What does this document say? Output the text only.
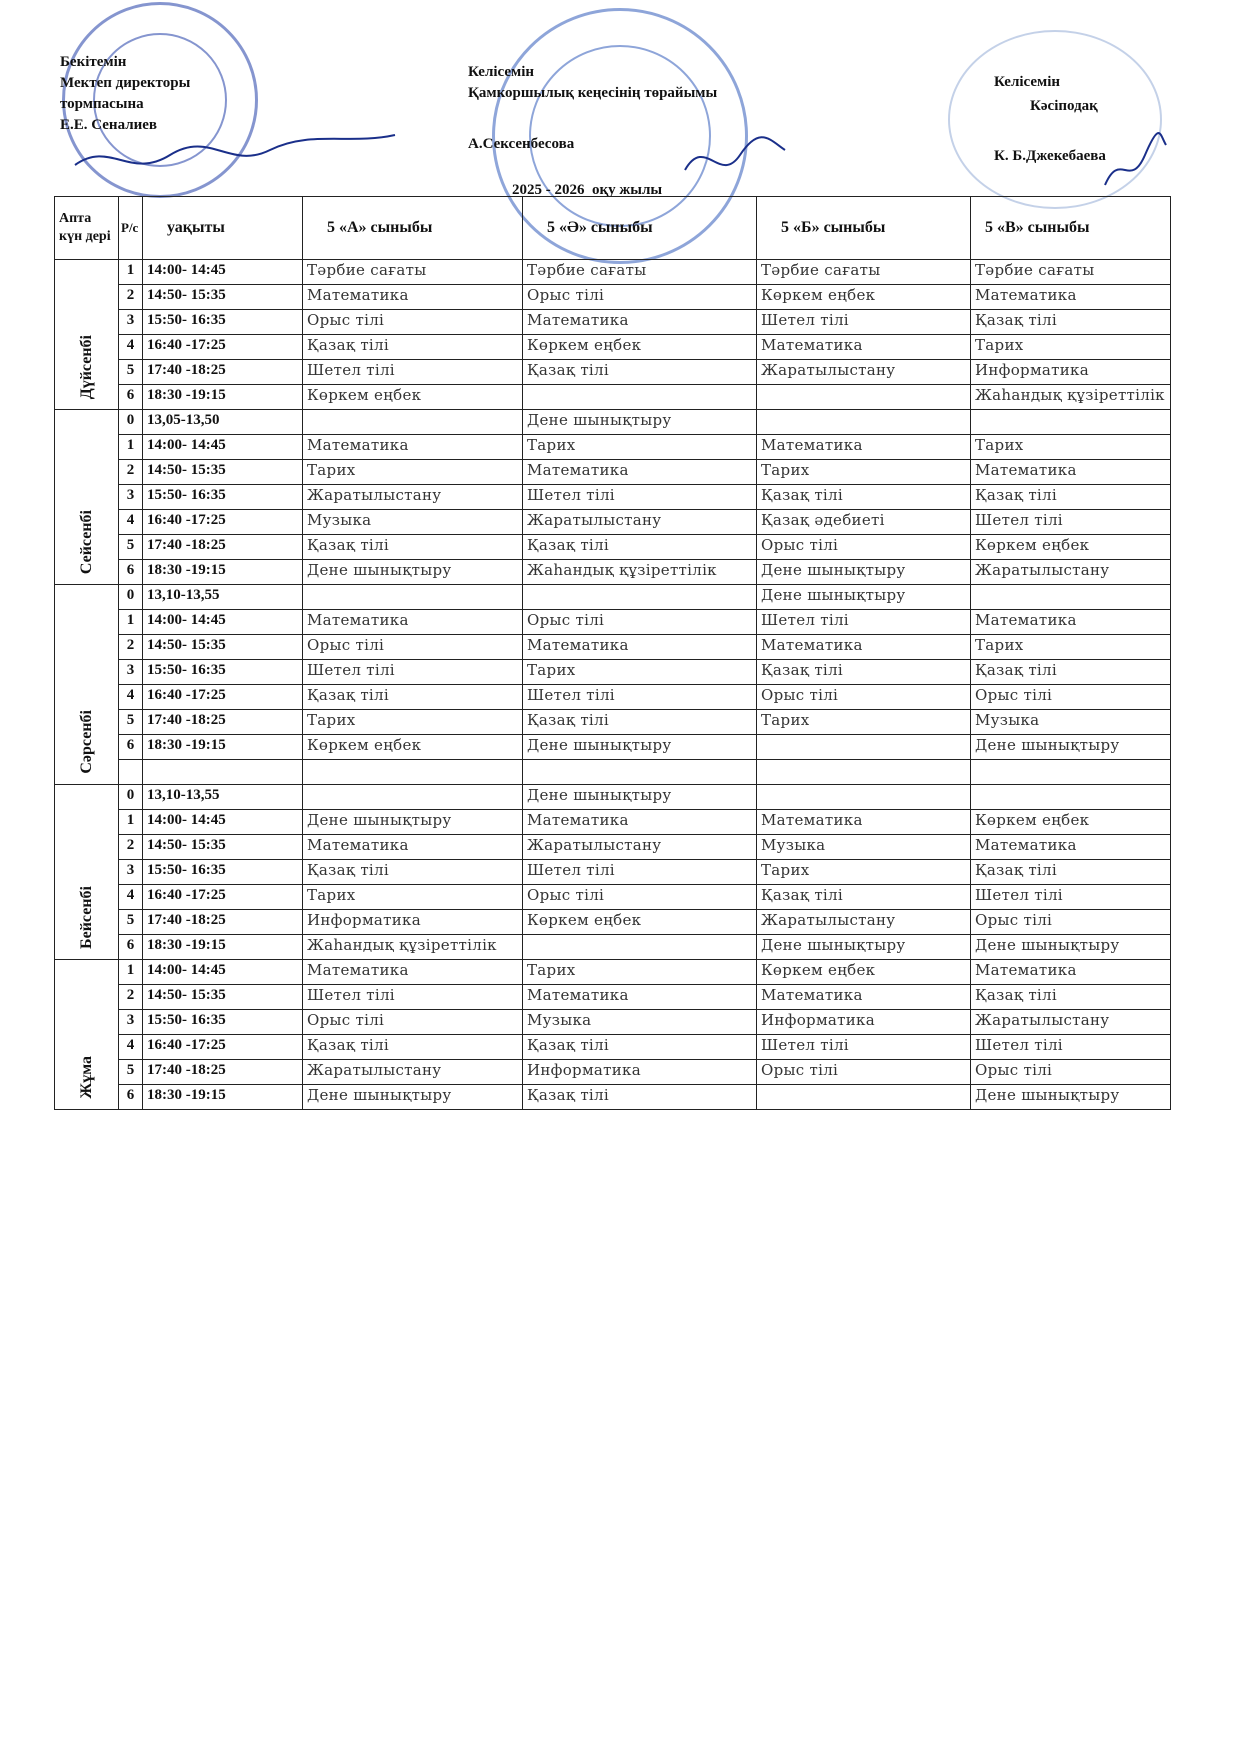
Бекітемін
Мектеп директоры
тормпасына
Е.Е. Сеналиев
Келісемін
Қамкоршылық кеңесінің төрайымы
А.Сексенбесова
2025 - 2026  оқу жылы
Келісемін
Кәсіподақ
К. Б.Джекебаева
Апта күн дері	Р/с	уақыты	5 «А» сыныбы	5 «Ә» сыныбы	5 «Б» сыныбы	5 «В» сыныбы
Дүйсенбі	1	14:00- 14:45	Тәрбие сағаты	Тәрбие сағаты	Тәрбие сағаты	Тәрбие сағаты
	2	14:50- 15:35	Математика	Орыс тілі	Көркем еңбек	Математика
	3	15:50- 16:35	Орыс тілі	Математика	Шетел тілі	Қазақ тілі
	4	16:40 -17:25	Қазақ тілі	Көркем еңбек	Математика	Тарих
	5	17:40 -18:25	Шетел тілі	Қазақ тілі	Жаратылыстану	Информатика
	6	18:30 -19:15	Көркем еңбек			Жаһандық құзіреттілік
Сейсенбі	0	13,05-13,50		Дене шынықтыру		
	1	14:00- 14:45	Математика	Тарих	Математика	Тарих
	2	14:50- 15:35	Тарих	Математика	Тарих	Математика
	3	15:50- 16:35	Жаратылыстану	Шетел тілі	Қазақ тілі	Қазақ тілі
	4	16:40 -17:25	Музыка	Жаратылыстану	Қазақ әдебиеті	Шетел тілі
	5	17:40 -18:25	Қазақ тілі	Қазақ тілі	Орыс тілі	Көркем еңбек
	6	18:30 -19:15	Дене шынықтыру	Жаһандық құзіреттілік	Дене шынықтыру	Жаратылыстану
Сәрсенбі	0	13,10-13,55			Дене шынықтыру	
	1	14:00- 14:45	Математика	Орыс тілі	Шетел тілі	Математика
	2	14:50- 15:35	Орыс тілі	Математика	Математика	Тарих
	3	15:50- 16:35	Шетел тілі	Тарих	Қазақ тілі	Қазақ тілі
	4	16:40 -17:25	Қазақ тілі	Шетел тілі	Орыс тілі	Орыс тілі
	5	17:40 -18:25	Тарих	Қазақ тілі	Тарих	Музыка
	6	18:30 -19:15	Көркем еңбек	Дене шынықтыру		Дене шынықтыру

Бейсенбі	0	13,10-13,55		Дене шынықтыру		
	1	14:00- 14:45	Дене шынықтыру	Математика	Математика	Көркем еңбек
	2	14:50- 15:35	Математика	Жаратылыстану	Музыка	Математика
	3	15:50- 16:35	Қазақ тілі	Шетел тілі	Тарих	Қазақ тілі
	4	16:40 -17:25	Тарих	Орыс тілі	Қазақ тілі	Шетел тілі
	5	17:40 -18:25	Информатика	Көркем еңбек	Жаратылыстану	Орыс тілі
	6	18:30 -19:15	Жаһандық құзіреттілік		Дене шынықтыру	Дене шынықтыру
Жұма	1	14:00- 14:45	Математика	Тарих	Көркем еңбек	Математика
	2	14:50- 15:35	Шетел тілі	Математика	Математика	Қазақ тілі
	3	15:50- 16:35	Орыс тілі	Музыка	Информатика	Жаратылыстану
	4	16:40 -17:25	Қазақ тілі	Қазақ тілі	Шетел тілі	Шетел тілі
	5	17:40 -18:25	Жаратылыстану	Информатика	Орыс тілі	Орыс тілі
	6	18:30 -19:15	Дене шынықтыру	Қазақ тілі		Дене шынықтыру
